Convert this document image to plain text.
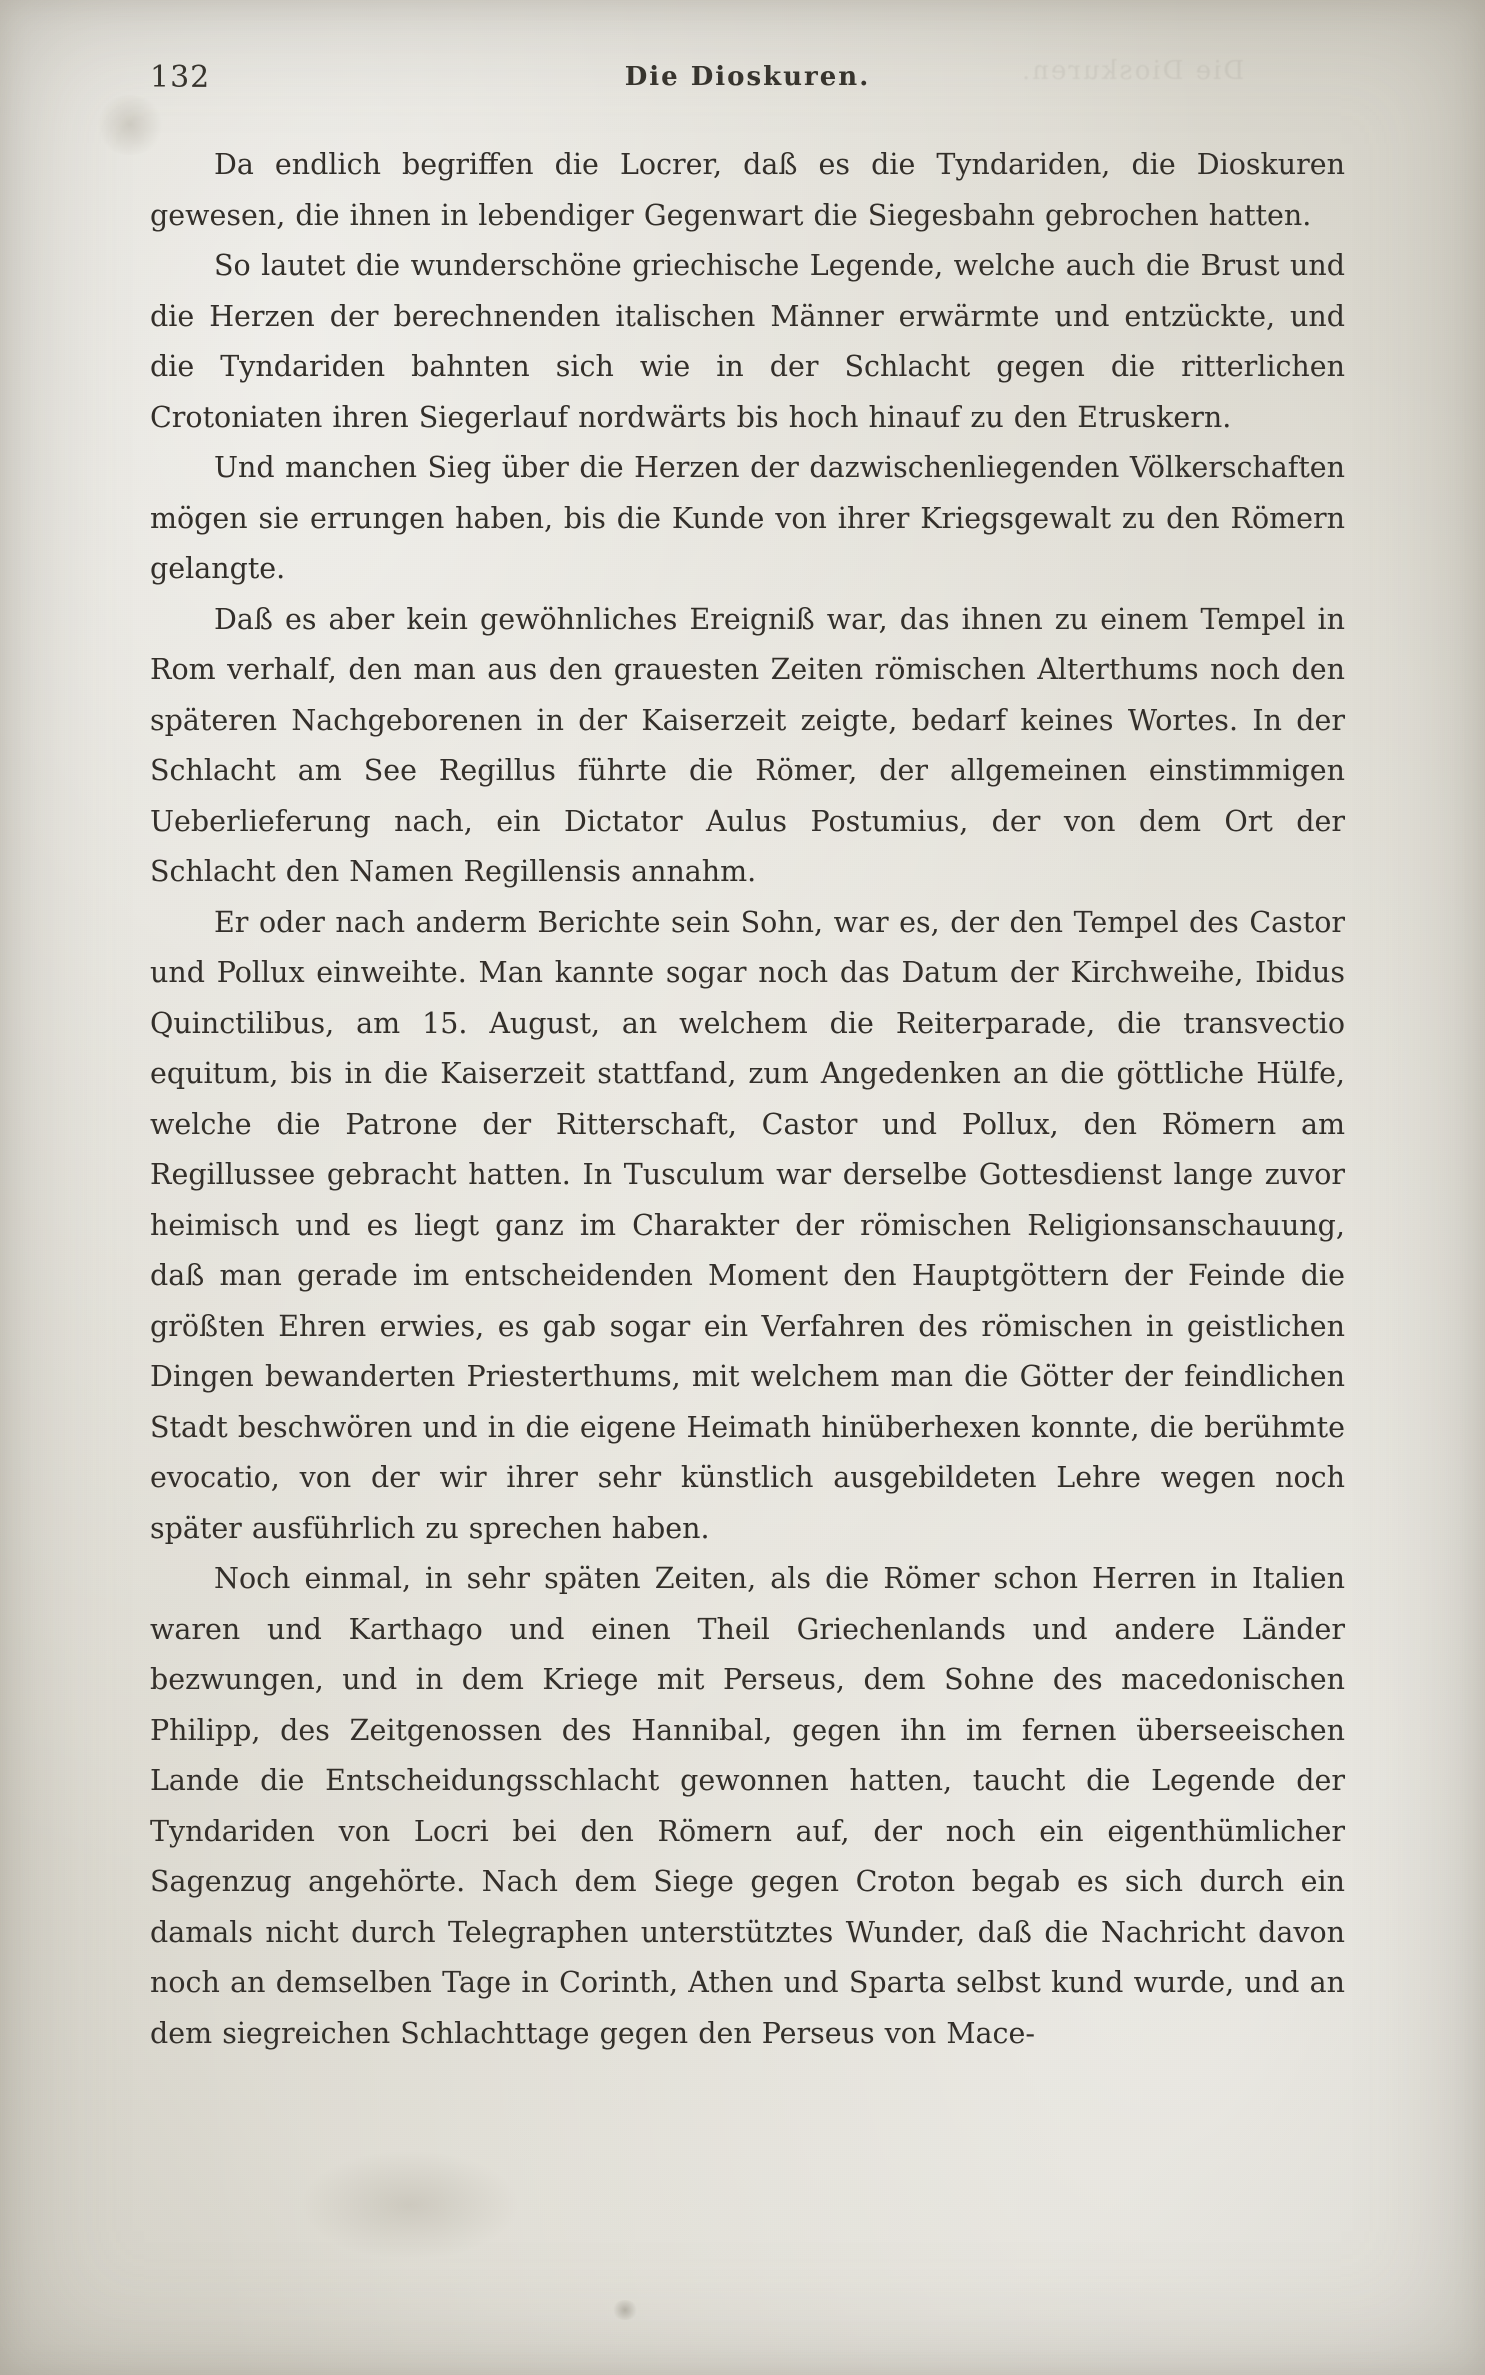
Die Dioskuren.
132	Die Dioskuren.

Da endlich begriffen die Locrer, daß es die Tyndariden, die Dioskuren gewesen, die ihnen in lebendiger Gegenwart die Siegesbahn gebrochen hatten.

So lautet die wunderschöne griechische Legende, welche auch die Brust und die Herzen der berechnenden italischen Männer erwärmte und entzückte, und die Tyndariden bahnten sich wie in der Schlacht gegen die ritterlichen Crotoniaten ihren Siegerlauf nordwärts bis hoch hinauf zu den Etruskern.

Und manchen Sieg über die Herzen der dazwischenliegenden Völkerschaften mögen sie errungen haben, bis die Kunde von ihrer Kriegsgewalt zu den Römern gelangte.

Daß es aber kein gewöhnliches Ereigniß war, das ihnen zu einem Tempel in Rom verhalf, den man aus den grauesten Zeiten römischen Alterthums noch den späteren Nachgeborenen in der Kaiserzeit zeigte, bedarf keines Wortes. In der Schlacht am See Regillus führte die Römer, der allgemeinen einstimmigen Ueberlieferung nach, ein Dictator Aulus Postumius, der von dem Ort der Schlacht den Namen Regillensis annahm.

Er oder nach anderm Berichte sein Sohn, war es, der den Tempel des Castor und Pollux einweihte. Man kannte sogar noch das Datum der Kirchweihe, Ibidus Quinctilibus, am 15. August, an welchem die Reiterparade, die transvectio equitum, bis in die Kaiserzeit stattfand, zum Angedenken an die göttliche Hülfe, welche die Patrone der Ritterschaft, Castor und Pollux, den Römern am Regillussee gebracht hatten. In Tusculum war derselbe Gottesdienst lange zuvor heimisch und es liegt ganz im Charakter der römischen Religionsanschauung, daß man gerade im entscheidenden Moment den Hauptgöttern der Feinde die größten Ehren erwies, es gab sogar ein Verfahren des römischen in geistlichen Dingen bewanderten Priesterthums, mit welchem man die Götter der feindlichen Stadt beschwören und in die eigene Heimath hinüberhexen konnte, die berühmte evocatio, von der wir ihrer sehr künstlich ausgebildeten Lehre wegen noch später ausführlich zu sprechen haben.

Noch einmal, in sehr späten Zeiten, als die Römer schon Herren in Italien waren und Karthago und einen Theil Griechenlands und andere Länder bezwungen, und in dem Kriege mit Perseus, dem Sohne des macedonischen Philipp, des Zeitgenossen des Hannibal, gegen ihn im fernen überseeischen Lande die Entscheidungsschlacht gewonnen hatten, taucht die Legende der Tyndariden von Locri bei den Römern auf, der noch ein eigenthümlicher Sagenzug angehörte. Nach dem Siege gegen Croton begab es sich durch ein damals nicht durch Telegraphen unterstütztes Wunder, daß die Nachricht davon noch an demselben Tage in Corinth, Athen und Sparta selbst kund wurde, und an dem siegreichen Schlachttage gegen den Perseus von Mace-
